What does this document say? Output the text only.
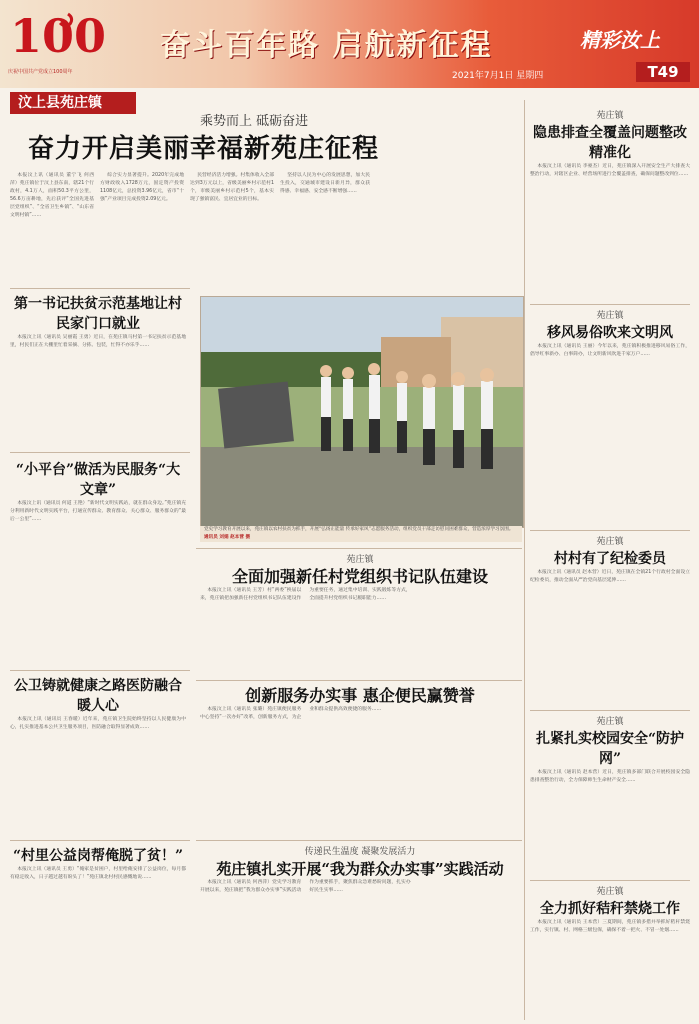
100
庆祝中国共产党成立100周年
奋斗百年路 启航新征程	精彩汝上
2021年7月1日 星期四	T49
汶上县苑庄镇
乘势而上 砥砺奋进
奋力开启美丽幸福新苑庄征程

本报汶上讯（通讯员 董宁飞 何西萍）苑庄镇位于汶上县东南，辖21个行政村，4.1万人，面积50.3平方公里，56.6万亩耕地，先后获评“全国先进基层党组织”、“全省卫生乡镇”、“山东省文明村镇”……

综合实力显著提升。2020年完成地方财政收入1728万元，固定资产投资1108亿元，总投资3.96亿元，省市“十强”产业项目完成投资2.09亿元。

民营经济活力增强。村集体收入全部达到3万元以上，省级美丽乡村示范村1个，市级美丽乡村示范村5个，基本实现了强镇富民、宜居宜业的目标。

坚持以人民为中心的发展思想，加大民生投入，交通城市建设日新月异，群众获得感、幸福感、安全感不断增强……

党史学习教育开展以来，苑庄镇以农村扶贫为抓手，开展“弘扬正能量 传承好家风”志愿服务活动，组织党员干部走访慰问困难群众，营造浓厚学习氛围。 通讯员 刘娟 赵本营 摄

第一书记扶贫示范基地让村民家门口就业

本报汶上讯（通讯员 吴丽霞 王勇）近日，在苑庄镇马村第一书记扶贫示范基地里，村民们正在大棚里忙着采摘、分拣、包装，忙得不亦乐乎……

“小平台”做活为民服务“大文章”

本报汶上讯（通讯员 何道 王艳）“新时代文明实践站，就在群众身边。”苑庄镇充分利用新时代文明实践平台，打通宣传群众、教育群众、关心群众、服务群众的“最后一公里”……

公卫铸就健康之路医防融合暖人心

本报汶上讯（通讯员 王春暖）近年来，苑庄镇卫生院始终坚持以人民健康为中心，扎实推进基本公共卫生服务项目，医防融合取得显著成效……

“村里公益岗帮俺脱了贫！”

本报汶上讯（通讯员 王勇）“俺家是贫困户，村里给俺安排了公益岗位，每月都有稳定收入，日子越过越有盼头了！”苑庄镇北村村民感慨地说……

苑庄镇

隐患排查全覆盖问题整改精准化

本报汶上讯（通讯员 李豪杰）近日，苑庄镇深入开展安全生产大排查大整治行动，对辖区企业、经营场所进行全覆盖排查，确保问题整改到位……

苑庄镇

移风易俗吹来文明风

本报汶上讯（通讯员 王丽）今年以来，苑庄镇积极推进移风易俗工作，倡导红事新办、白事简办，让文明新风吹进千家万户……

苑庄镇

村村有了纪检委员

本报汶上讯（通讯员 赵本营）近日，苑庄镇在全镇21个行政村全面设立纪检委员，推动全面从严治党向基层延伸……

苑庄镇

全面加强新任村党组织书记队伍建设

本报汶上讯（通讯员 王芳）村“两委”换届以来，苑庄镇把加强新任村党组织书记队伍建设作为重要任务，通过集中培训、实践锻炼等方式，全面提升村党组织书记履职能力……

创新服务办实事 惠企便民赢赞誉

本报汶上讯（通讯员 张璐）苑庄镇便民服务中心坚持“一次办好”改革，创新服务方式，为企业和群众提供高效便捷的服务……

苑庄镇

扎紧扎实校园安全“防护网”

本报汶上讯（通讯员 赵本营）近日，苑庄镇多部门联合开展校园安全隐患排查整治行动，全力保障师生生命财产安全……

传递民生温度 凝聚发展活力

苑庄镇扎实开展“我为群众办实事”实践活动

本报汶上讯（通讯员 何西萍）党史学习教育开展以来，苑庄镇把“我为群众办实事”实践活动作为重要抓手，聚焦群众急难愁盼问题，扎实办好民生实事……	苑庄镇

全力抓好秸秆禁烧工作

本报汶上讯（通讯员 王本营）三夏期间，苑庄镇多措并举抓好秸秆禁烧工作，实行镇、村、网格三级包保，确保不着一把火、不冒一处烟……
